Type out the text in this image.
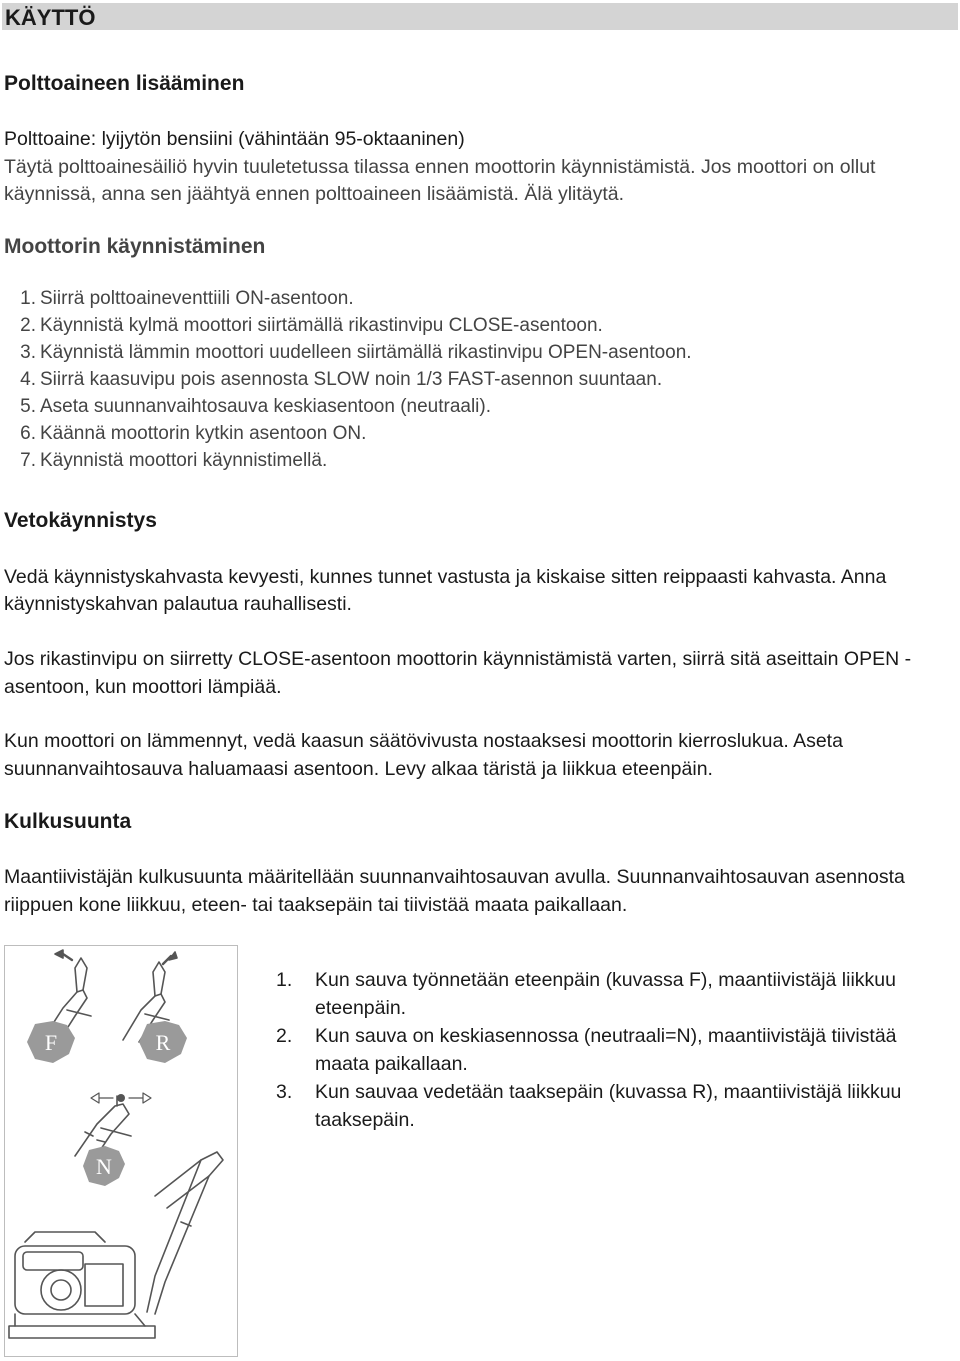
KÄYTTÖ
Polttoaineen lisääminen
Polttoaine: lyijytön bensiini (vähintään 95-oktaaninen)
Täytä polttoainesäiliö hyvin tuuletetussa tilassa ennen moottorin käynnistämistä. Jos moottori on ollut
käynnissä, anna sen jäähtyä ennen polttoaineen lisäämistä. Älä ylitäytä.
Moottorin käynnistäminen
1. Siirrä polttoaineventtiili ON-asentoon.
2. Käynnistä kylmä moottori siirtämällä rikastinvipu CLOSE-asentoon.
3. Käynnistä lämmin moottori uudelleen siirtämällä rikastinvipu OPEN-asentoon.
4. Siirrä kaasuvipu pois asennosta SLOW noin 1/3 FAST-asennon suuntaan.
5. Aseta suunnanvaihtosauva keskiasentoon (neutraali).
6. Käännä moottorin kytkin asentoon ON.
7. Käynnistä moottori käynnistimellä.
Vetokäynnistys
Vedä käynnistyskahvasta kevyesti, kunnes tunnet vastusta ja kiskaise sitten reippaasti kahvasta. Anna
käynnistyskahvan palautua rauhallisesti.
Jos rikastinvipu on siirretty CLOSE-asentoon moottorin käynnistämistä varten, siirrä sitä aseittain OPEN -
asentoon, kun moottori lämpiää.
Kun moottori on lämmennyt, vedä kaasun säätövivusta nostaaksesi moottorin kierroslukua. Aseta
suunnanvaihtosauva haluamaasi asentoon. Levy alkaa täristä ja liikkua eteenpäin.
Kulkusuunta
Maantiivistäjän kulkusuunta määritellään suunnanvaihtosauvan avulla. Suunnanvaihtosauvan asennosta
riippuen kone liikkuu, eteen- tai taaksepäin tai tiivistää maata paikallaan.
F	R
N
1. Kun sauva työnnetään eteenpäin (kuvassa F), maantiivistäjä liikkuu eteenpäin.
2. Kun sauva on keskiasennossa (neutraali=N), maantiivistäjä tiivistää maata paikallaan.
3. Kun sauvaa vedetään taaksepäin (kuvassa R), maantiivistäjä liikkuu taaksepäin.
